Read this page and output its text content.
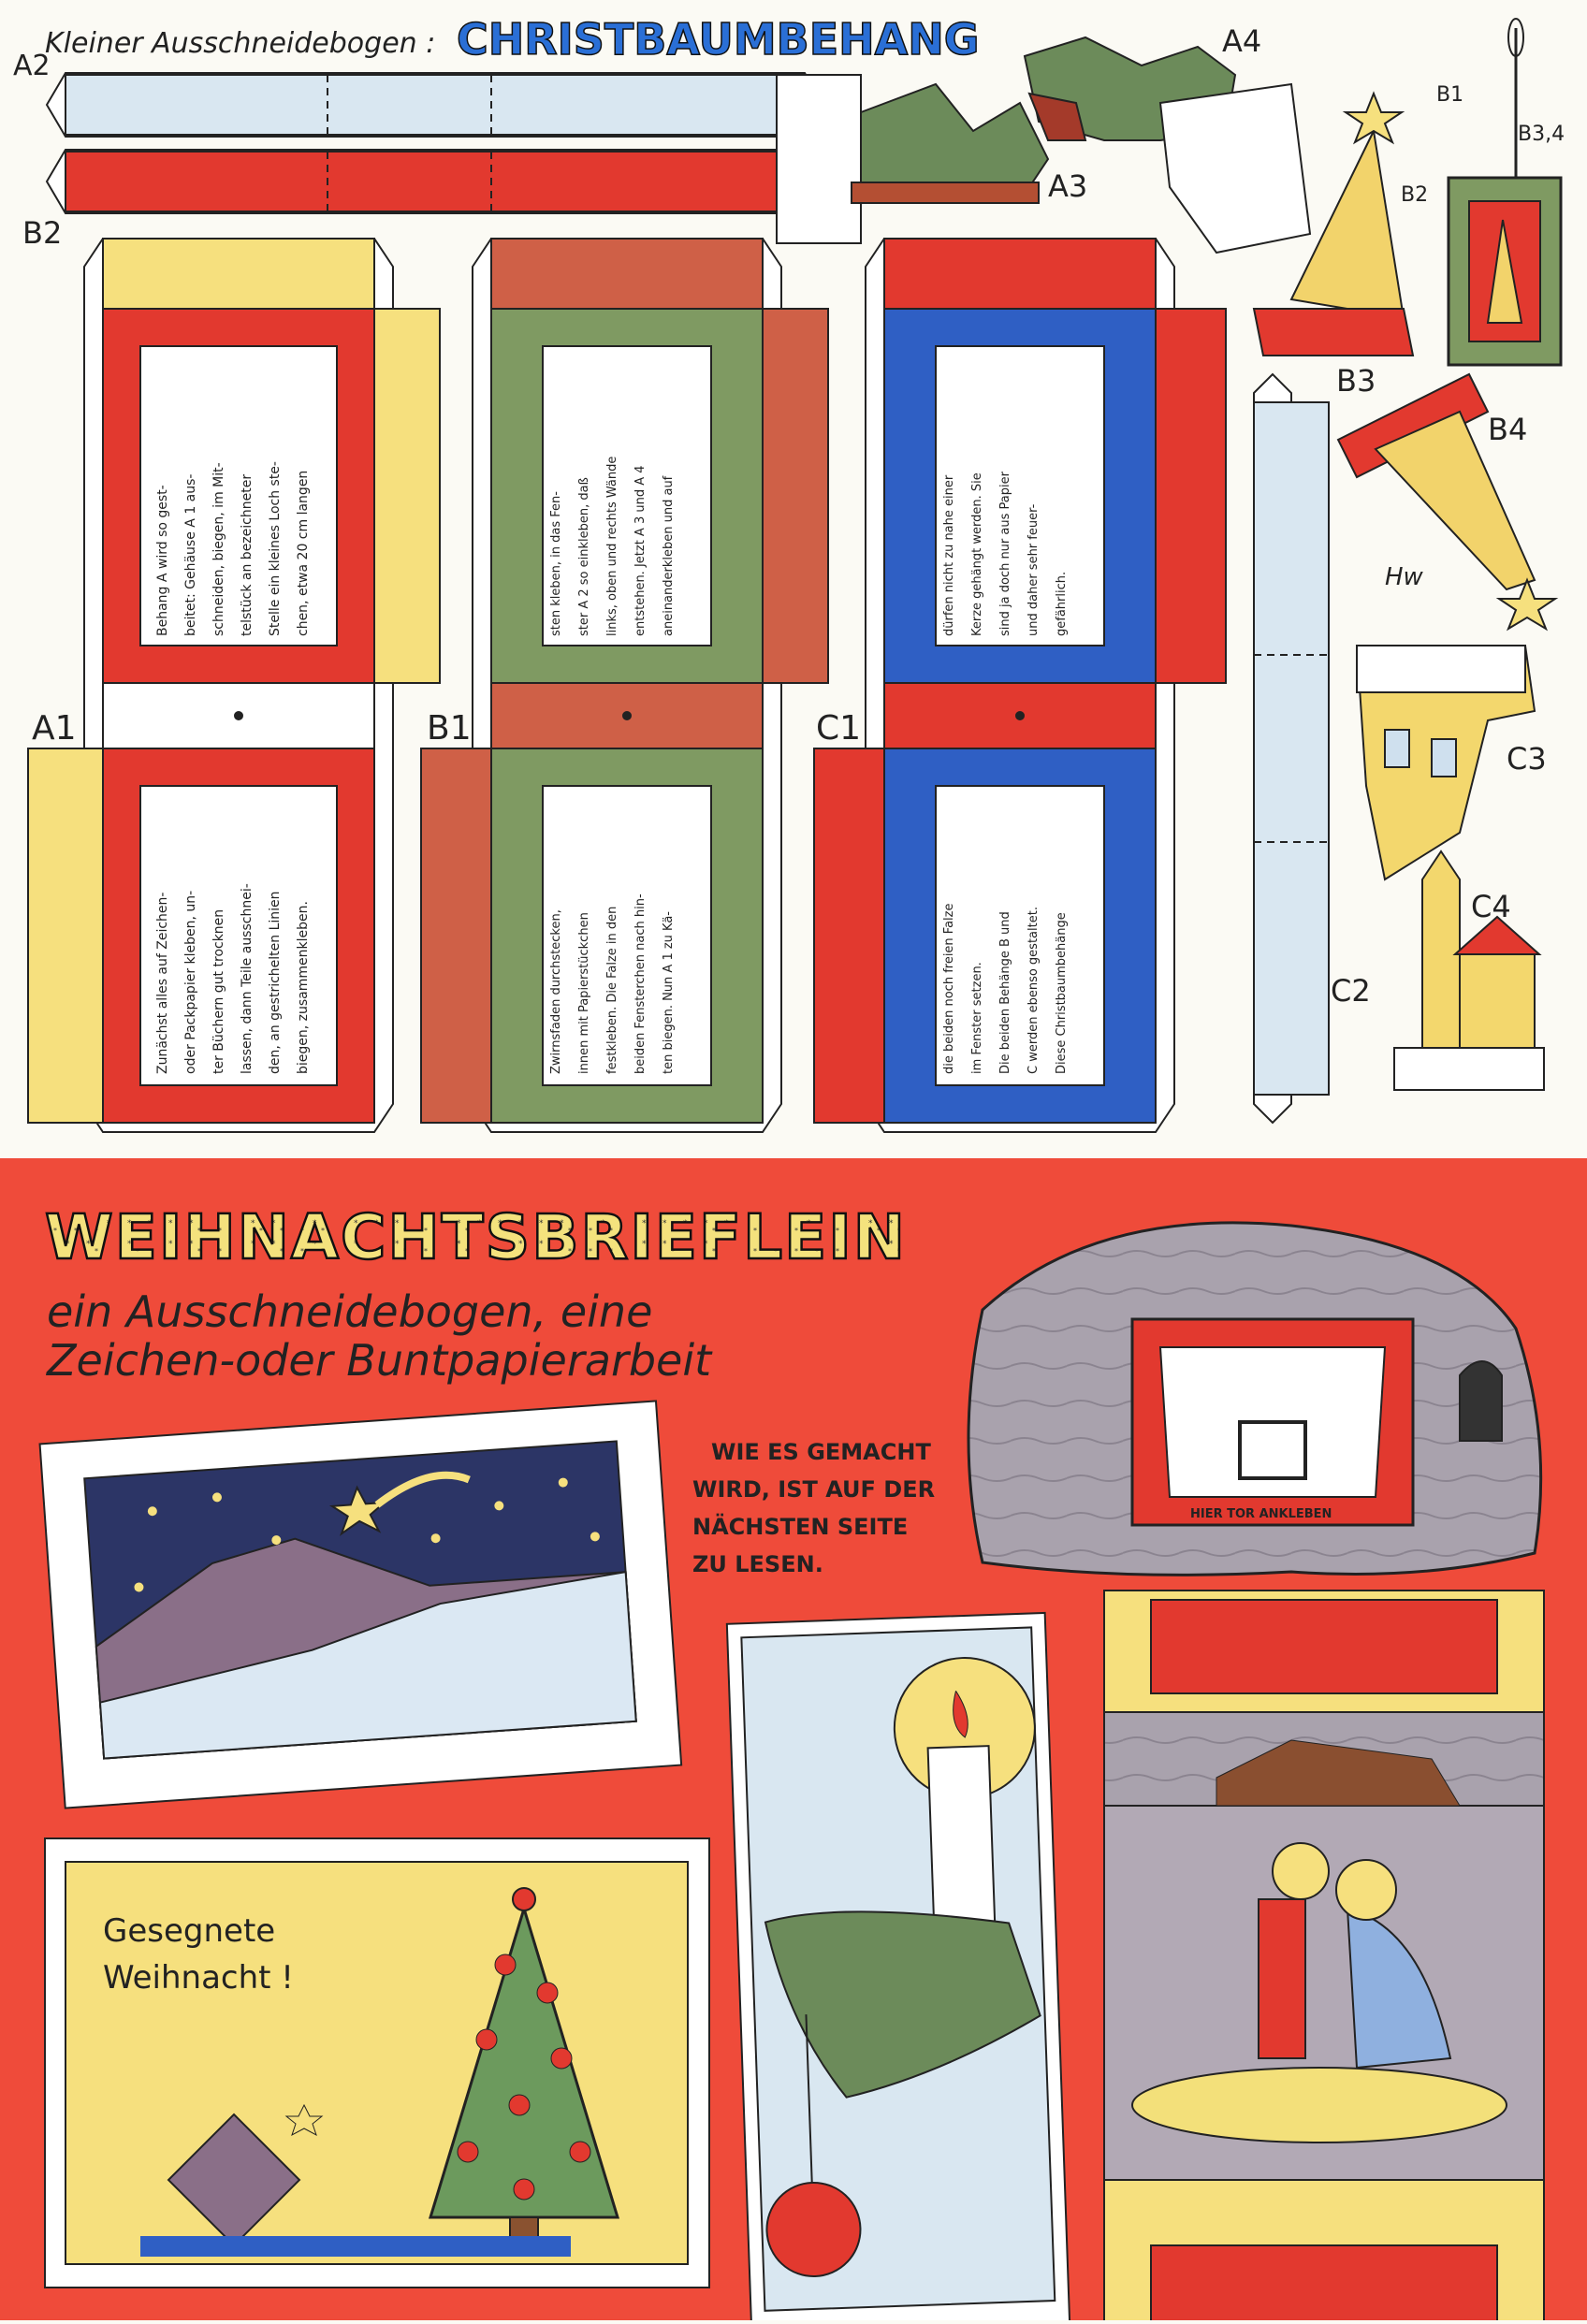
Kleiner Ausschneidebogen : CHRISTBAUMBEHANG
A2
B2
A3
A4
B3
B1
B3,4
B2
B4
Hw
C2
C3
C4
A1	B1	C1
Behang A wird so gest- beitet: Gehäuse A 1 aus- schneiden, biegen, im Mit- telstück an bezeichneter Stelle ein kleines Loch ste- chen, etwa 20 cm langen	sten kleben, in das Fen- ster A 2 so einkleben, daß links, oben und rechts Wände entstehen. Jetzt A 3 und A 4 aneinanderkleben und auf	dürfen nicht zu nahe einer Kerze gehängt werden. Sie sind ja doch nur aus Papier und daher sehr feuer- gefährlich.
Zunächst alles auf Zeichen- oder Packpapier kleben, un- ter Büchern gut trocknen lassen, dann Teile ausschnei- den, an gestrichelten Linien biegen, zusammenkleben.	Zwirnsfaden durchstecken, innen mit Papierstückchen festkleben. Die Falze in den beiden Fensterchen nach hin- ten biegen. Nun A 1 zu Kä-	die beiden noch freien Falze im Fenster setzen. Die beiden Behänge B und C werden ebenso gestaltet. Diese Christbaumbehänge
WEIHNACHTSBRIEFLEIN
ein Ausschneidebogen, eine
Zeichen-oder Buntpapierarbeit
WIE ES GEMACHT
WIRD, IST AUF DER
NÄCHSTEN SEITE
ZU LESEN.
HIER TOR ANKLEBEN
Gesegnete
Weihnacht !
